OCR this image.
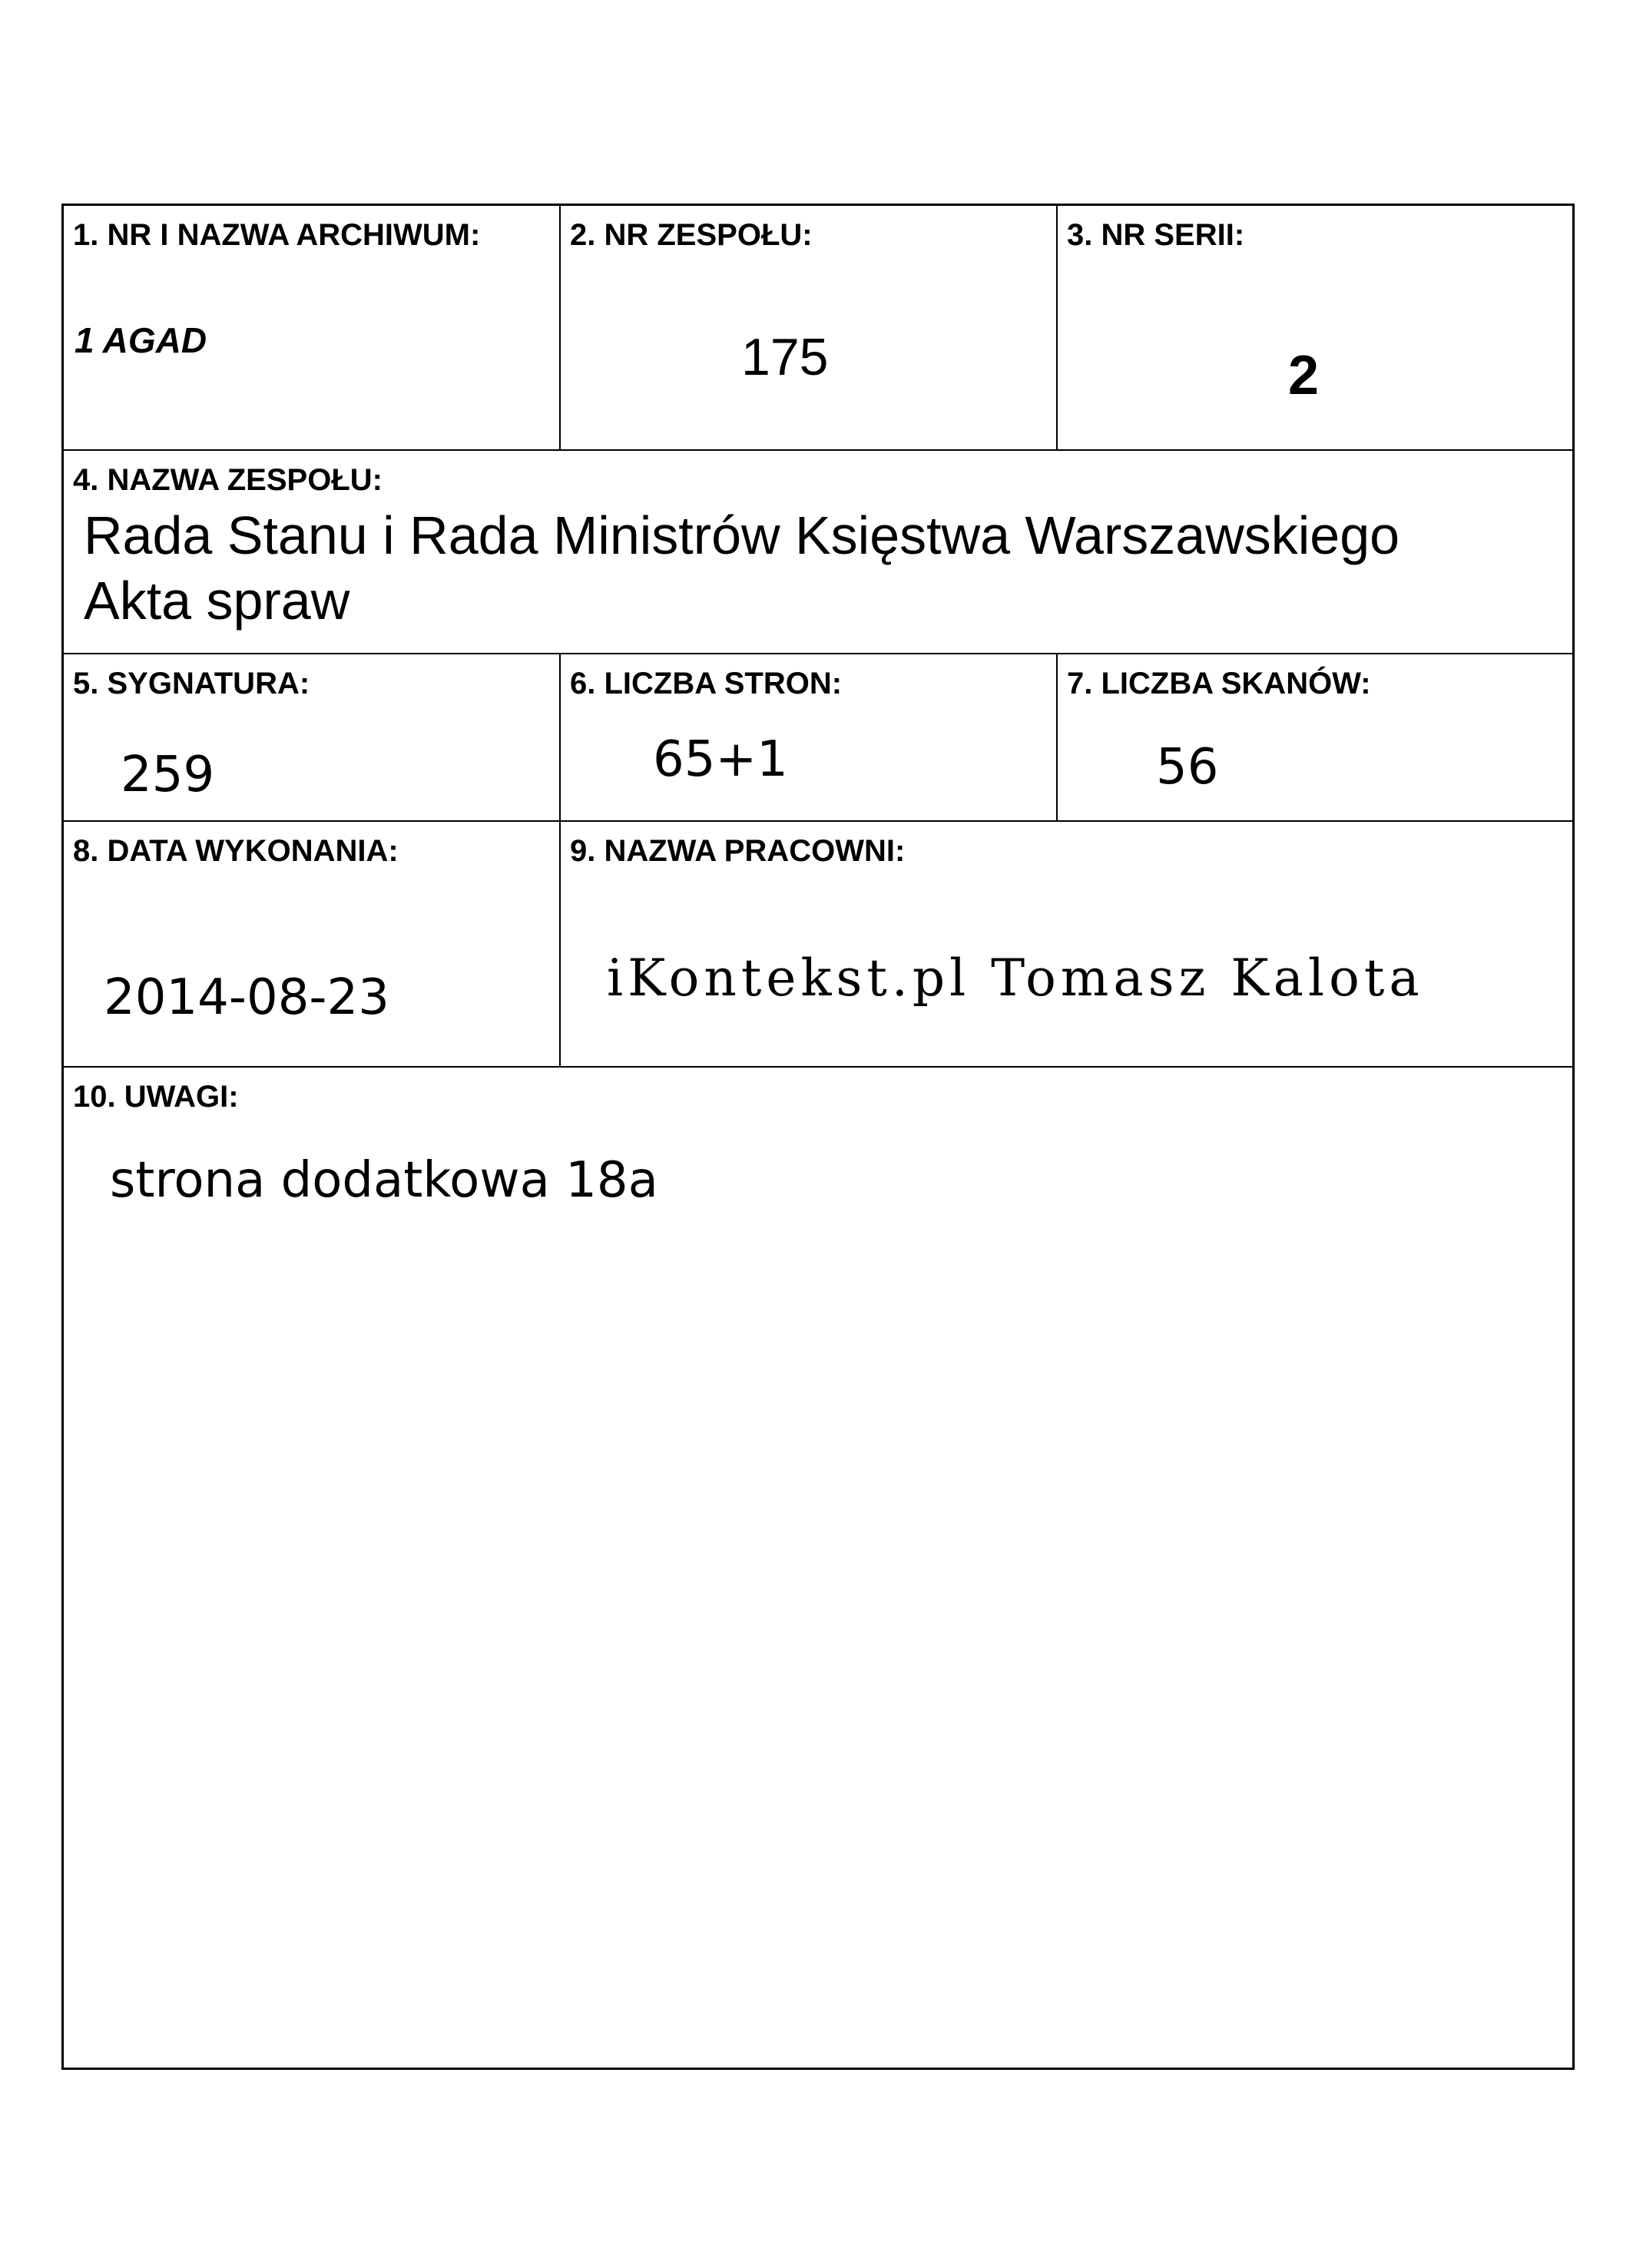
1. NR I NAZWA ARCHIWUM:
1 AGAD
2. NR ZESPOŁU:
175
3. NR SERII:
2
4. NAZWA ZESPOŁU:
Rada Stanu i Rada Ministrów Księstwa Warszawskiego
Akta spraw
5. SYGNATURA:
259
6. LICZBA STRON:
65+1
7. LICZBA SKANÓW:
56
8. DATA WYKONANIA:
2014-08-23
9. NAZWA PRACOWNI:
iKontekst.pl Tomasz Kalota
10. UWAGI:
strona dodatkowa 18a
